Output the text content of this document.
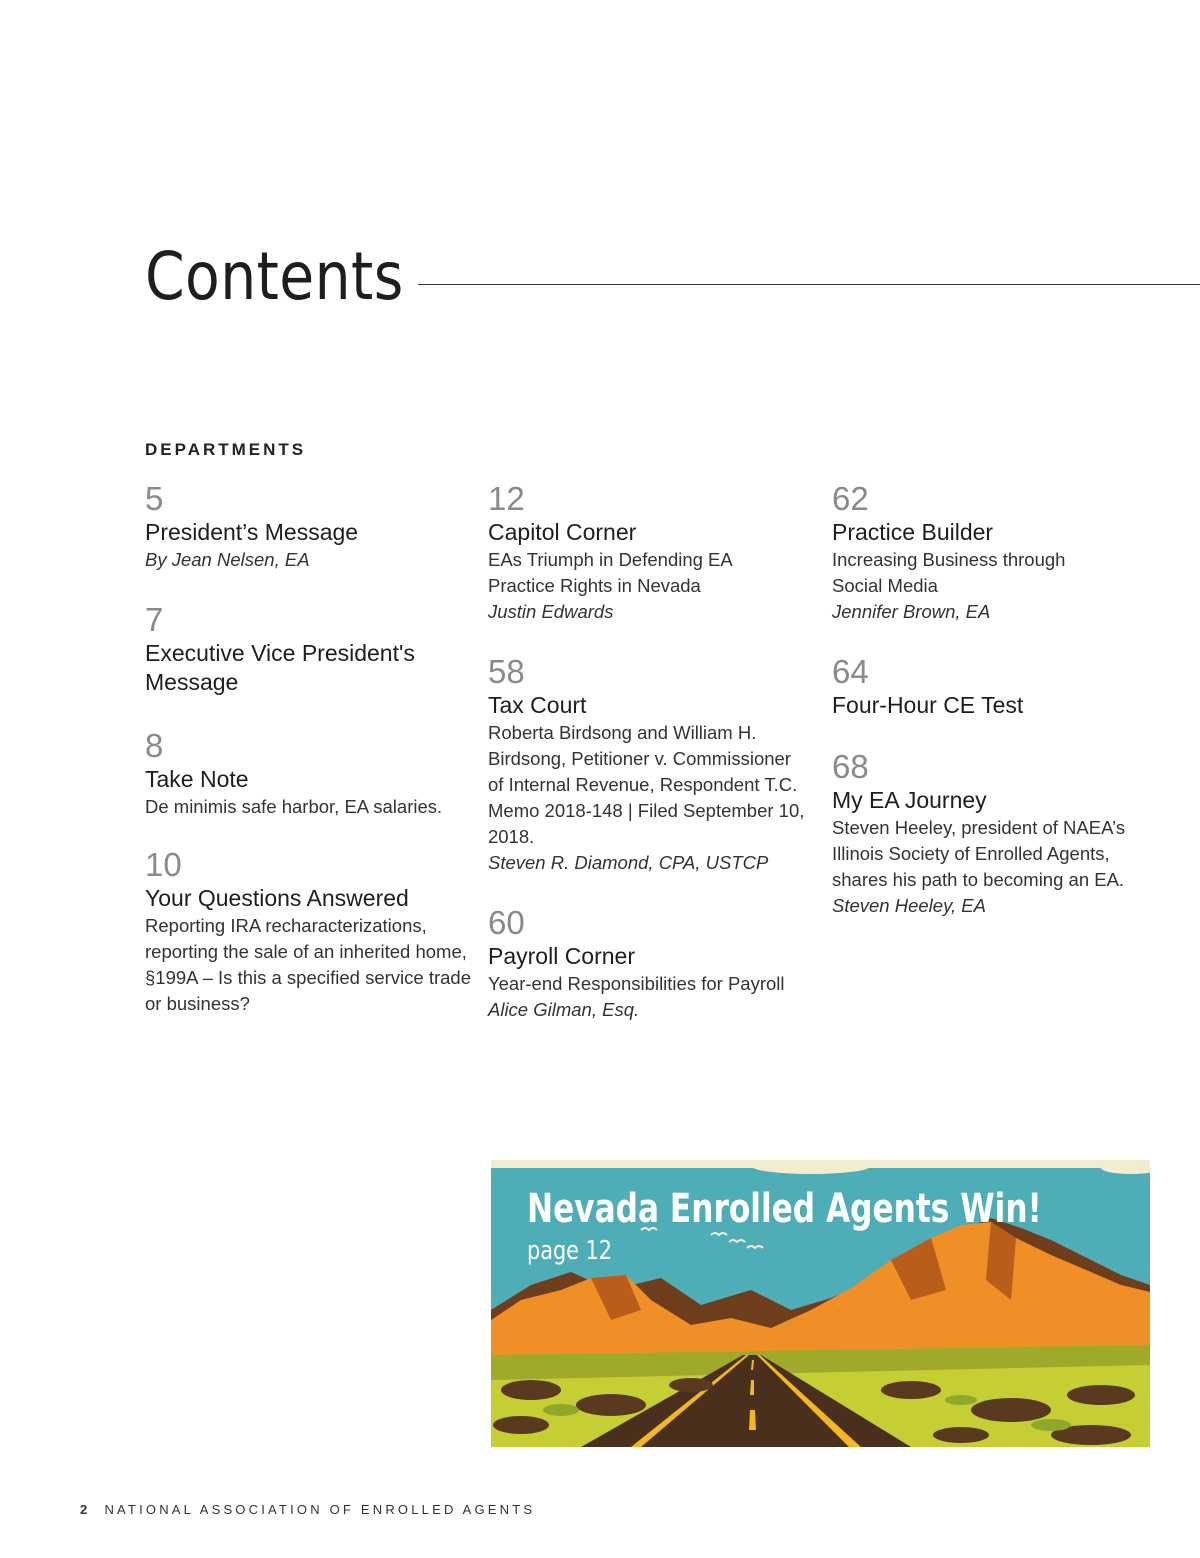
Contents
DEPARTMENTS
5
President’s Message
By Jean Nelsen, EA
7
Executive Vice President's Message
8
Take Note
De minimis safe harbor, EA salaries.
10
Your Questions Answered
Reporting IRA recharacterizations, reporting the sale of an inherited home, §199A – Is this a specified service trade or business?
12
Capitol Corner
EAs Triumph in Defending EA Practice Rights in Nevada
Justin Edwards
58
Tax Court
Roberta Birdsong and William H. Birdsong, Petitioner v. Commissioner of Internal Revenue, Respondent T.C. Memo 2018-148 | Filed September 10, 2018.
Steven R. Diamond, CPA, USTCP
60
Payroll Corner
Year-end Responsibilities for Payroll
Alice Gilman, Esq.
62
Practice Builder
Increasing Business through Social Media
Jennifer Brown, EA
64
Four-Hour CE Test
68
My EA Journey
Steven Heeley, president of NAEA’s Illinois Society of Enrolled Agents, shares his path to becoming an EA.
Steven Heeley, EA
Nevada Enrolled Agents Win!
page 12
2 NATIONAL ASSOCIATION OF ENROLLED AGENTS
